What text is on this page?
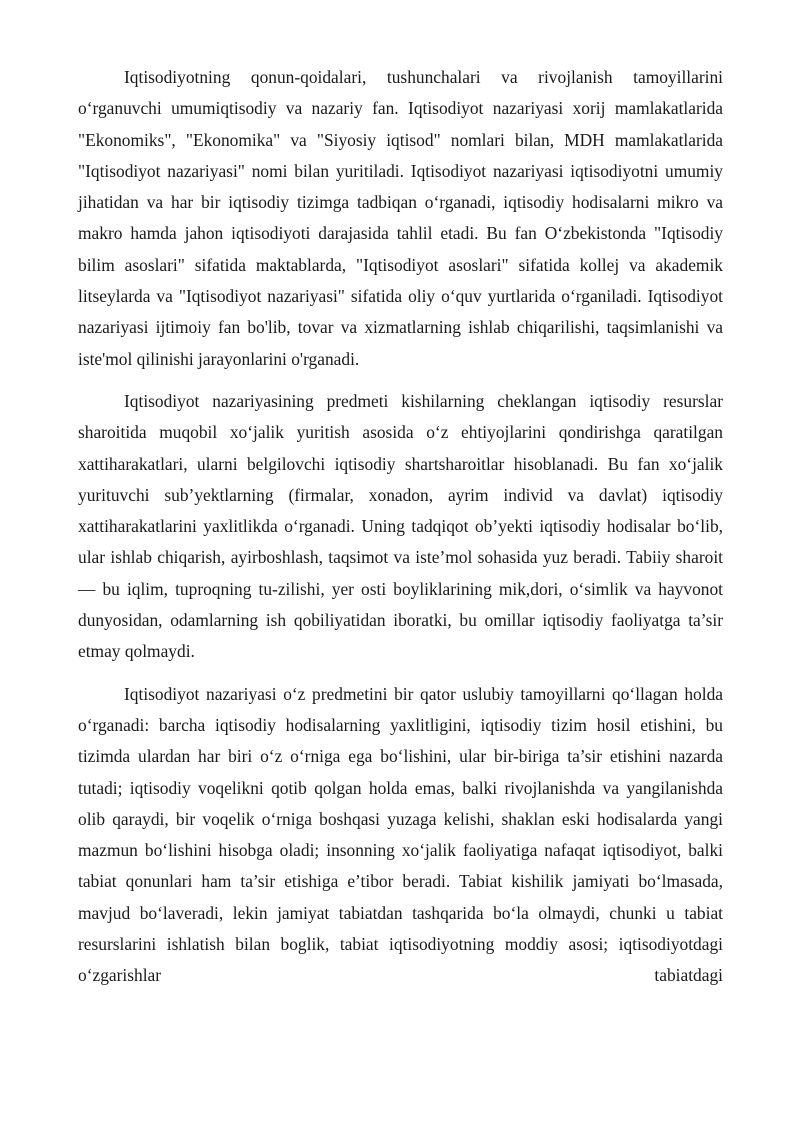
Iqtisodiyotning qonun-qoidalari, tushunchalari va rivojlanish tamoyillarini o‘rganuvchi umumiqtisodiy va nazariy fan. Iqtisodiyot nazariyasi xorij mamlakatlarida "Ekonomiks", "Ekonomika" va "Siyosiy iqtisod" nomlari bilan, MDH mamlakatlarida "Iqtisodiyot nazariyasi" nomi bilan yuritiladi. Iqtisodiyot nazariyasi iqtisodiyotni umumiy jihatidan va har bir iqtisodiy tizimga tadbiqan o‘rganadi, iqtisodiy hodisalarni mikro va makro hamda jahon iqtisodiyoti darajasida tahlil etadi. Bu fan O‘zbekistonda "Iqtisodiy bilim asoslari" sifatida maktablarda, "Iqtisodiyot asoslari" sifatida kollej va akademik litseylarda va "Iqtisodiyot nazariyasi" sifatida oliy o‘quv yurtlarida o‘rganiladi. Iqtisodiyot nazariyasi ijtimoiy fan bo'lib, tovar va xizmatlarning ishlab chiqarilishi, taqsimlanishi va iste'mol qilinishi jarayonlarini o'rganadi.

Iqtisodiyot nazariyasining predmeti kishilarning cheklangan iqtisodiy resurslar sharoitida muqobil xo‘jalik yuritish asosida o‘z ehtiyojlarini qondirishga qaratilgan xattiharakatlari, ularni belgilovchi iqtisodiy shartsharoitlar hisoblanadi. Bu fan xo‘jalik yurituvchi sub’yektlarning (firmalar, xonadon, ayrim individ va davlat) iqtisodiy xattiharakatlarini yaxlitlikda o‘rganadi. Uning tadqiqot ob’yekti iqtisodiy hodisalar bo‘lib, ular ishlab chiqarish, ayirboshlash, taqsimot va iste’mol sohasida yuz beradi. Tabiiy sharoit — bu iqlim, tuproqning tu-zilishi, yer osti boyliklarining mik,dori, o‘simlik va hayvonot dunyosidan, odamlarning ish qobiliyatidan iboratki, bu omillar iqtisodiy faoliyatga ta’sir etmay qolmaydi.

Iqtisodiyot nazariyasi o‘z predmetini bir qator uslubiy tamoyillarni qo‘llagan holda o‘rganadi: barcha iqtisodiy hodisalarning yaxlitligini, iqtisodiy tizim hosil etishini, bu tizimda ulardan har biri o‘z o‘rniga ega bo‘lishini, ular bir-biriga ta’sir etishini nazarda tutadi; iqtisodiy voqelikni qotib qolgan holda emas, balki rivojlanishda va yangilanishda olib qaraydi, bir voqelik o‘rniga boshqasi yuzaga kelishi, shaklan eski hodisalarda yangi mazmun bo‘lishini hisobga oladi; insonning xo‘jalik faoliyatiga nafaqat iqtisodiyot, balki tabiat qonunlari ham ta’sir etishiga e’tibor beradi. Tabiat kishilik jamiyati bo‘lmasada, mavjud bo‘laveradi, lekin jamiyat tabiatdan tashqarida bo‘la olmaydi, chunki u tabiat resurslarini ishlatish bilan boglik, tabiat iqtisodiyotning moddiy asosi; iqtisodiyotdagi o‘zgarishlar tabiatdagi
